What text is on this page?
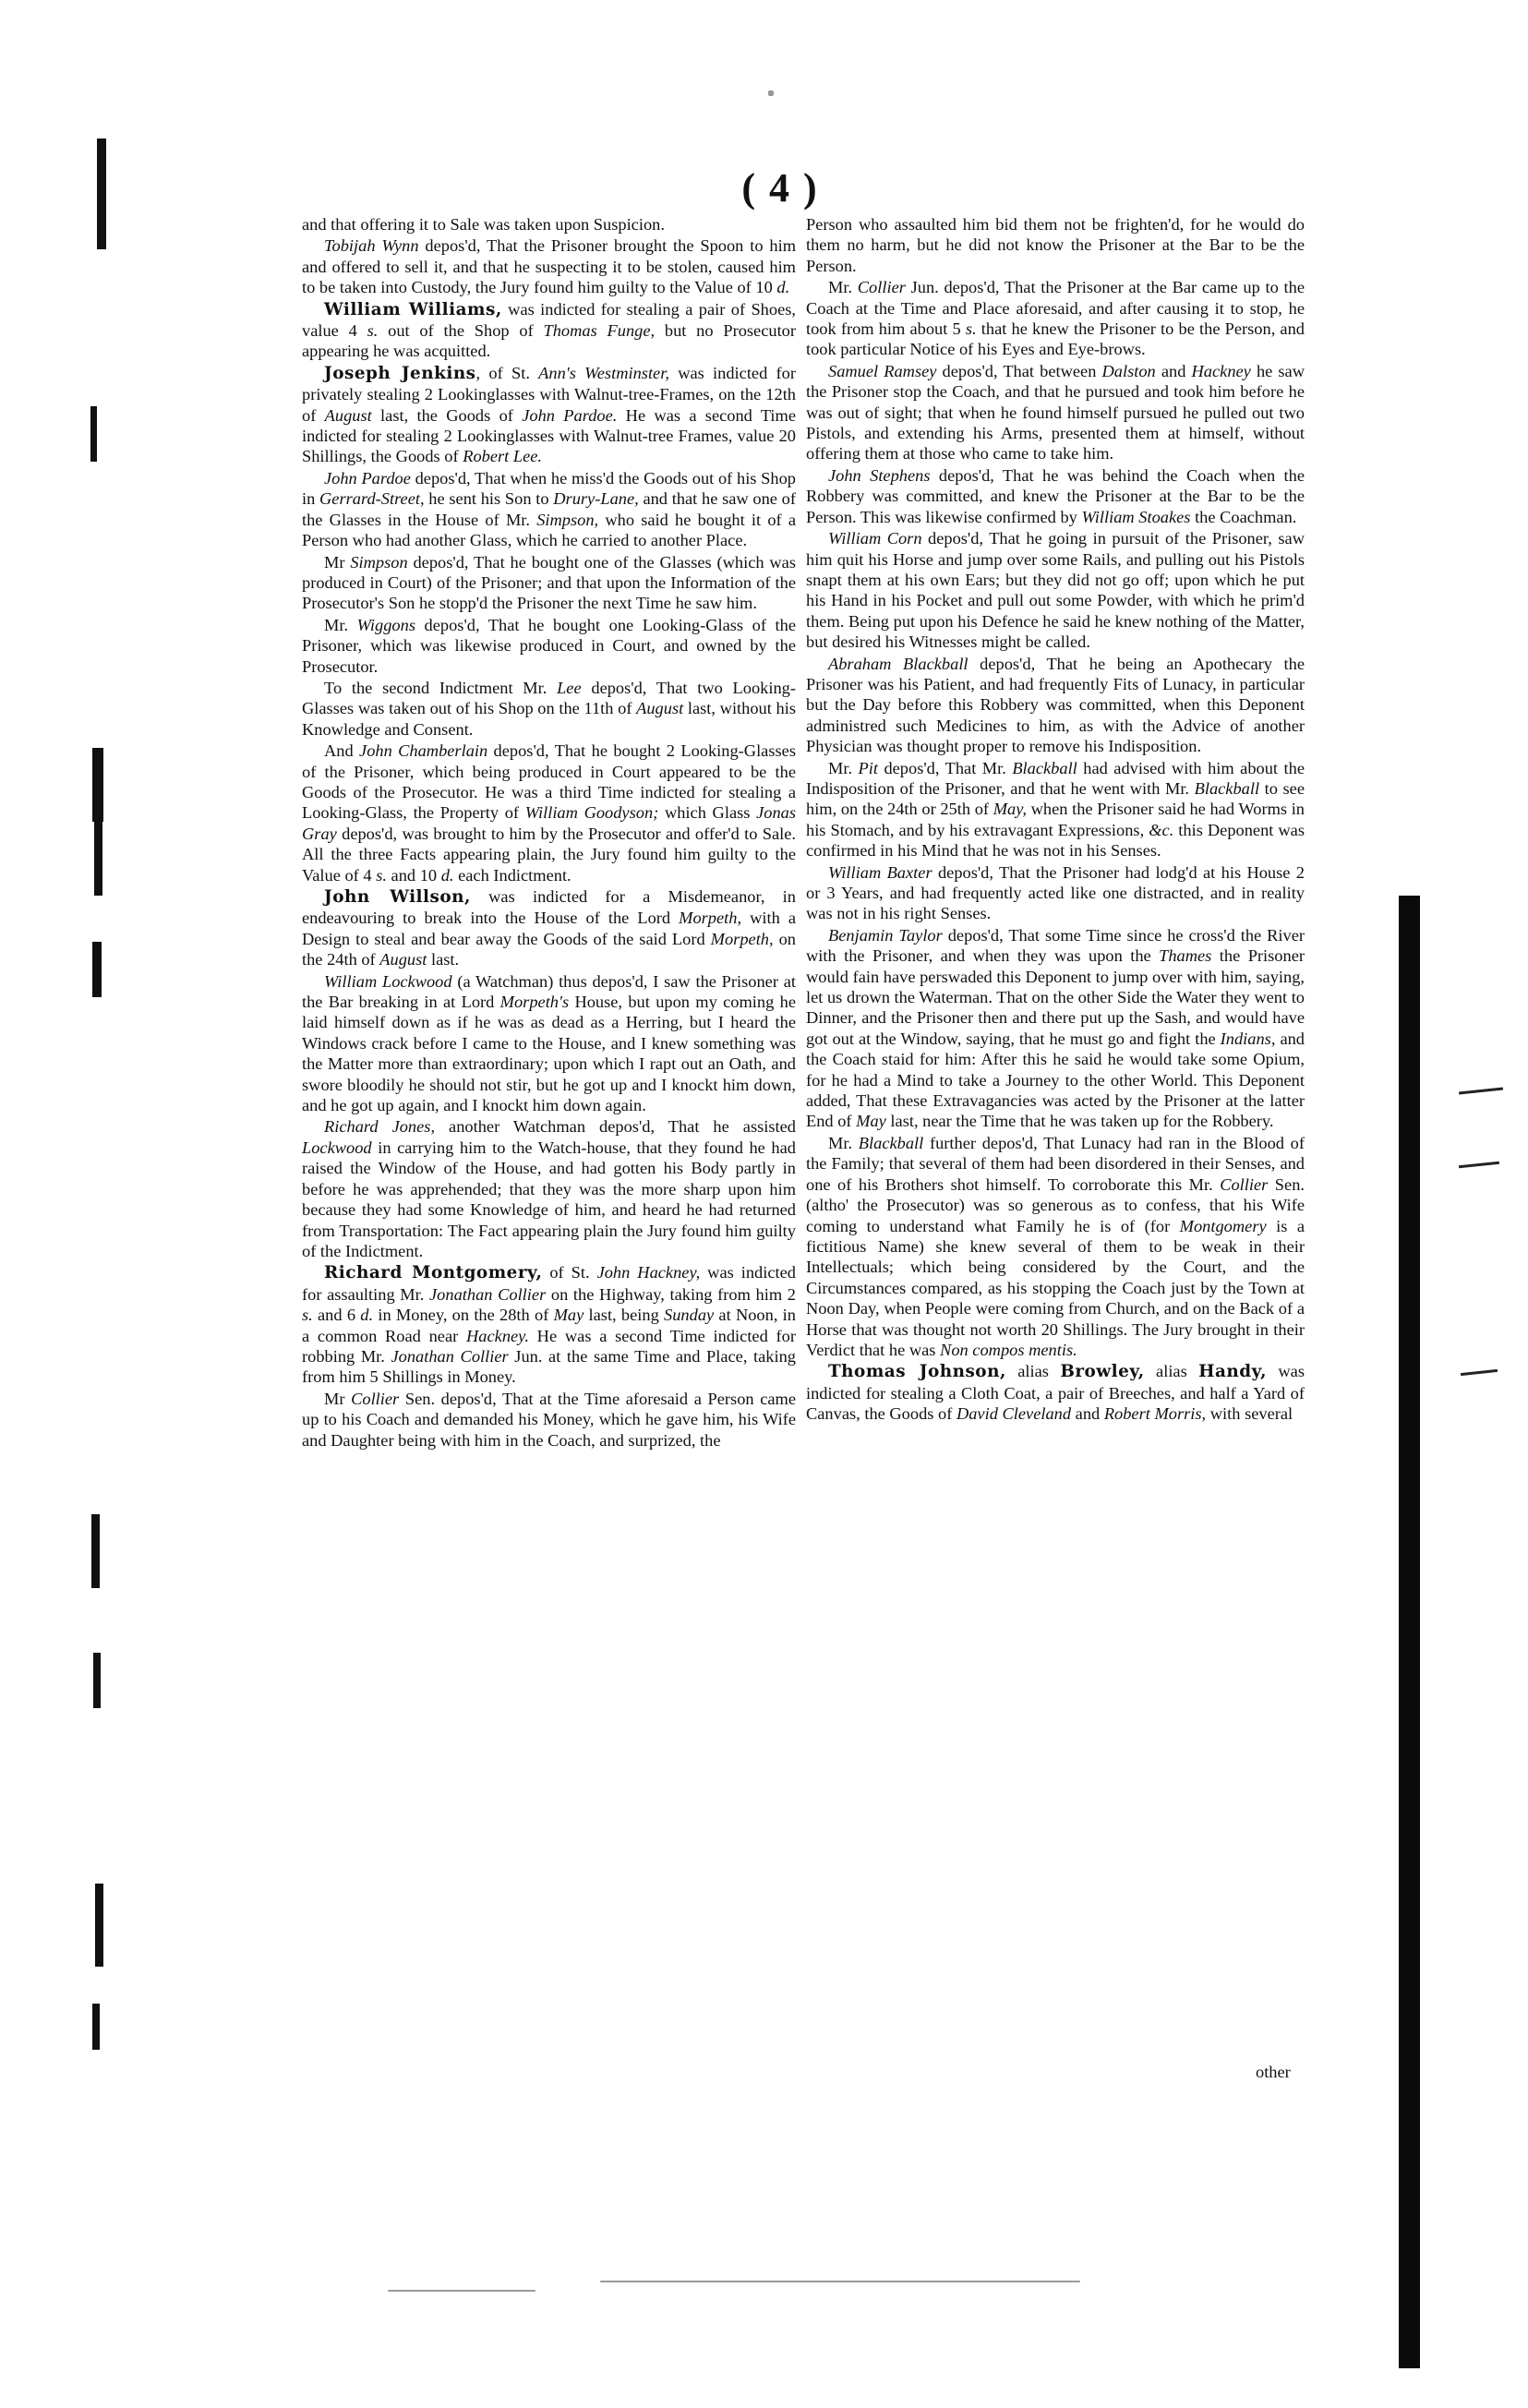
( 4 )

and that offering it to Sale was taken upon Suspicion.

Tobijah Wynn depos'd, That the Prisoner brought the Spoon to him and offered to sell it, and that he suspecting it to be stolen, caused him to be taken into Custody, the Jury found him guilty to the Value of 10 d.

William Williams, was indicted for stealing a pair of Shoes, value 4 s. out of the Shop of Thomas Funge, but no Prosecutor appearing he was acquitted.

Joseph Jenkins, of St. Ann's Westminster, was indicted for privately stealing 2 Lookinglasses with Walnut-tree-Frames, on the 12th of August last, the Goods of John Pardoe. He was a second Time indicted for stealing 2 Lookinglasses with Walnut-tree Frames, value 20 Shillings, the Goods of Robert Lee.

John Pardoe depos'd, That when he miss'd the Goods out of his Shop in Gerrard-Street, he sent his Son to Drury-Lane, and that he saw one of the Glasses in the House of Mr. Simpson, who said he bought it of a Person who had another Glass, which he carried to another Place.

Mr Simpson depos'd, That he bought one of the Glasses (which was produced in Court) of the Prisoner; and that upon the Information of the Prosecutor's Son he stopp'd the Prisoner the next Time he saw him.

Mr. Wiggons depos'd, That he bought one Looking-Glass of the Prisoner, which was likewise produced in Court, and owned by the Prosecutor.

To the second Indictment Mr. Lee depos'd, That two Looking-Glasses was taken out of his Shop on the 11th of August last, without his Knowledge and Consent.

And John Chamberlain depos'd, That he bought 2 Looking-Glasses of the Prisoner, which being produced in Court appeared to be the Goods of the Prosecutor. He was a third Time indicted for stealing a Looking-Glass, the Property of William Goodyson; which Glass Jonas Gray depos'd, was brought to him by the Prosecutor and offer'd to Sale. All the three Facts appearing plain, the Jury found him guilty to the Value of 4 s. and 10 d. each Indictment.

John Willson, was indicted for a Misdemeanor, in endeavouring to break into the House of the Lord Morpeth, with a Design to steal and bear away the Goods of the said Lord Morpeth, on the 24th of August last.

William Lockwood (a Watchman) thus depos'd, I saw the Prisoner at the Bar breaking in at Lord Morpeth's House, but upon my coming he laid himself down as if he was as dead as a Herring, but I heard the Windows crack before I came to the House, and I knew something was the Matter more than extraordinary; upon which I rapt out an Oath, and swore bloodily he should not stir, but he got up and I knockt him down, and he got up again, and I knockt him down again.

Richard Jones, another Watchman depos'd, That he assisted Lockwood in carrying him to the Watch-house, that they found he had raised the Window of the House, and had gotten his Body partly in before he was apprehended; that they was the more sharp upon him because they had some Knowledge of him, and heard he had returned from Transportation: The Fact appearing plain the Jury found him guilty of the Indictment.

Richard Montgomery, of St. John Hackney, was indicted for assaulting Mr. Jonathan Collier on the Highway, taking from him 2 s. and 6 d. in Money, on the 28th of May last, being Sunday at Noon, in a common Road near Hackney. He was a second Time indicted for robbing Mr. Jonathan Collier Jun. at the same Time and Place, taking from him 5 Shillings in Money.

Mr Collier Sen. depos'd, That at the Time aforesaid a Person came up to his Coach and demanded his Money, which he gave him, his Wife and Daughter being with him in the Coach, and surprized, the

Person who assaulted him bid them not be frighten'd, for he would do them no harm, but he did not know the Prisoner at the Bar to be the Person.

Mr. Collier Jun. depos'd, That the Prisoner at the Bar came up to the Coach at the Time and Place aforesaid, and after causing it to stop, he took from him about 5 s. that he knew the Prisoner to be the Person, and took particular Notice of his Eyes and Eye-brows.

Samuel Ramsey depos'd, That between Dalston and Hackney he saw the Prisoner stop the Coach, and that he pursued and took him before he was out of sight; that when he found himself pursued he pulled out two Pistols, and extending his Arms, presented them at himself, without offering them at those who came to take him.

John Stephens depos'd, That he was behind the Coach when the Robbery was committed, and knew the Prisoner at the Bar to be the Person. This was likewise confirmed by William Stoakes the Coachman.

William Corn depos'd, That he going in pursuit of the Prisoner, saw him quit his Horse and jump over some Rails, and pulling out his Pistols snapt them at his own Ears; but they did not go off; upon which he put his Hand in his Pocket and pull out some Powder, with which he prim'd them. Being put upon his Defence he said he knew nothing of the Matter, but desired his Witnesses might be called.

Abraham Blackball depos'd, That he being an Apothecary the Prisoner was his Patient, and had frequently Fits of Lunacy, in particular but the Day before this Robbery was committed, when this Deponent administred such Medicines to him, as with the Advice of another Physician was thought proper to remove his Indisposition.

Mr. Pit depos'd, That Mr. Blackball had advised with him about the Indisposition of the Prisoner, and that he went with Mr. Blackball to see him, on the 24th or 25th of May, when the Prisoner said he had Worms in his Stomach, and by his extravagant Expressions, &c. this Deponent was confirmed in his Mind that he was not in his Senses.

William Baxter depos'd, That the Prisoner had lodg'd at his House 2 or 3 Years, and had frequently acted like one distracted, and in reality was not in his right Senses.

Benjamin Taylor depos'd, That some Time since he cross'd the River with the Prisoner, and when they was upon the Thames the Prisoner would fain have perswaded this Deponent to jump over with him, saying, let us drown the Waterman. That on the other Side the Water they went to Dinner, and the Prisoner then and there put up the Sash, and would have got out at the Window, saying, that he must go and fight the Indians, and the Coach staid for him: After this he said he would take some Opium, for he had a Mind to take a Journey to the other World. This Deponent added, That these Extravagancies was acted by the Prisoner at the latter End of May last, near the Time that he was taken up for the Robbery.

Mr. Blackball further depos'd, That Lunacy had ran in the Blood of the Family; that several of them had been disordered in their Senses, and one of his Brothers shot himself. To corroborate this Mr. Collier Sen. (altho' the Prosecutor) was so generous as to confess, that his Wife coming to understand what Family he is of (for Montgomery is a fictitious Name) she knew several of them to be weak in their Intellectuals; which being considered by the Court, and the Circumstances compared, as his stopping the Coach just by the Town at Noon Day, when People were coming from Church, and on the Back of a Horse that was thought not worth 20 Shillings. The Jury brought in their Verdict that he was Non compos mentis.

Thomas Johnson, alias Browley, alias Handy, was indicted for stealing a Cloth Coat, a pair of Breeches, and half a Yard of Canvas, the Goods of David Cleveland and Robert Morris, with several

other
